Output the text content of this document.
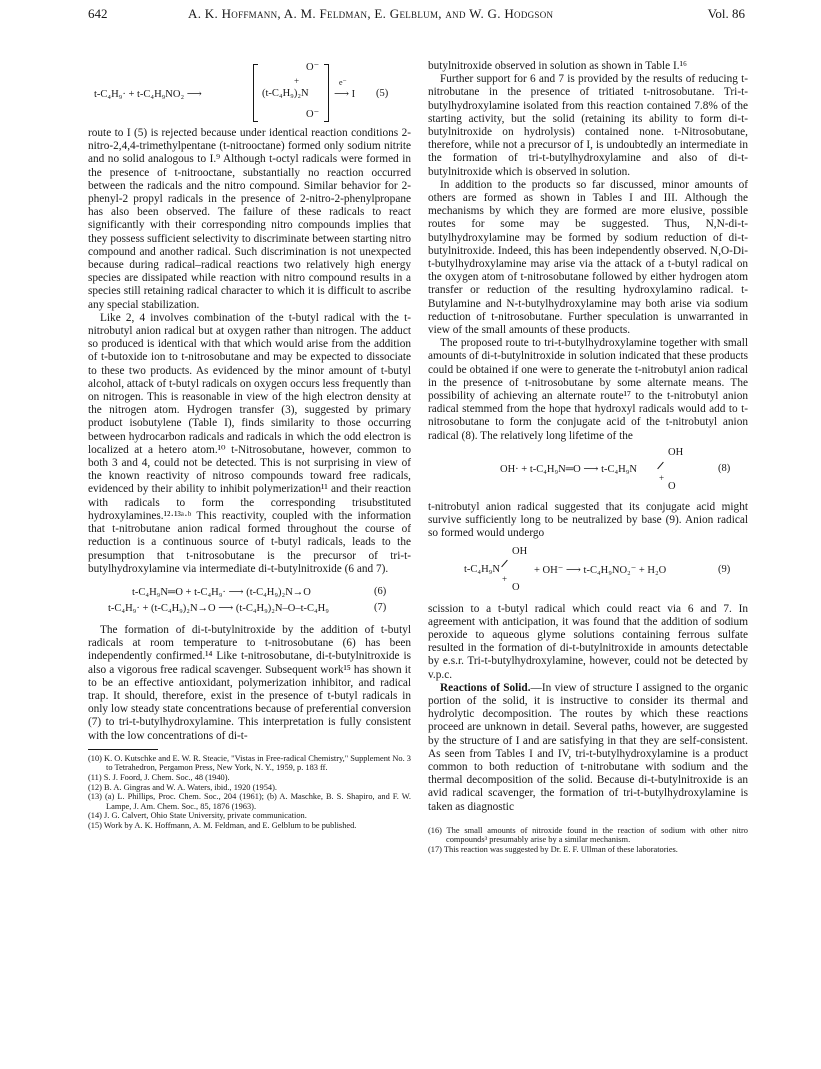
642	A. K. Hoffmann, A. M. Feldman, E. Gelblum, and W. G. Hodgson	Vol. 86
t-C₄H₉· + t-C₄H₉NO₂ ⟶
O⁻
+
(t-C₄H₉)₂N
O⁻
e⁻
⟶ I (5)

route to I (5) is rejected because under identical reaction conditions 2-nitro-2,4,4-trimethylpentane (t-nitrooctane) formed only sodium nitrite and no solid analogous to I.⁹ Although t-octyl radicals were formed in the presence of t-nitrooctane, substantially no reaction occurred between the radicals and the nitro compound. Similar behavior for 2-phenyl-2 propyl radicals in the presence of 2-nitro-2-phenylpropane has also been observed. The failure of these radicals to react significantly with their corresponding nitro compounds implies that they possess sufficient selectivity to discriminate between starting nitro compound and another radical. Such discrimination is not unexpected because during radical–radical reactions two relatively high energy species are dissipated while reaction with nitro compound results in a species still retaining radical character to which it is difficult to ascribe any special stabilization.

Like 2, 4 involves combination of the t-butyl radical with the t-nitrobutyl anion radical but at oxygen rather than nitrogen. The adduct so produced is identical with that which would arise from the addition of t-butoxide ion to t-nitrosobutane and may be expected to dissociate to these two products. As evidenced by the minor amount of t-butyl alcohol, attack of t-butyl radicals on oxygen occurs less frequently than on nitrogen. This is reasonable in view of the high electron density at the nitrogen atom. Hydrogen transfer (3), suggested by primary product isobutylene (Table I), finds similarity to those occurring between hydrocarbon radicals and radicals in which the odd electron is localized at a hetero atom.¹⁰ t-Nitrosobutane, however, common to both 3 and 4, could not be detected. This is not surprising in view of the known reactivity of nitroso compounds toward free radicals, evidenced by their ability to inhibit polymerization¹¹ and their reaction with radicals to form the corresponding trisubstituted hydroxylamines.¹²·¹³ᵃ·ᵇ This reactivity, coupled with the information that t-nitrobutane anion radical formed throughout the course of reduction is a continuous source of t-butyl radicals, leads to the presumption that t-nitrosobutane is the precursor of tri-t-butylhydroxylamine via intermediate di-t-butylnitroxide (6 and 7).

t-C₄H₉N═O + t-C₄H₉· ⟶ (t-C₄H₉)₂N→O	(6)
t-C₄H₉· + (t-C₄H₉)₂N→O ⟶ (t-C₄H₉)₂N–O–t-C₄H₉	(7)

The formation of di-t-butylnitroxide by the addition of t-butyl radicals at room temperature to t-nitrosobutane (6) has been independently confirmed.¹⁴ Like t-nitrosobutane, di-t-butylnitroxide is also a vigorous free radical scavenger. Subsequent work¹⁵ has shown it to be an effective antioxidant, polymerization inhibitor, and radical trap. It should, therefore, exist in the presence of t-butyl radicals in only low steady state concentrations because of preferential conversion (7) to tri-t-butylhydroxylamine. This interpretation is fully consistent with the low concentrations of di-t-

(10) K. O. Kutschke and E. W. R. Steacie, "Vistas in Free-radical Chemistry," Supplement No. 3 to Tetrahedron, Pergamon Press, New York, N. Y., 1959, p. 183 ff.

(11) S. J. Foord, J. Chem. Soc., 48 (1940).

(12) B. A. Gingras and W. A. Waters, ibid., 1920 (1954).

(13) (a) L. Phillips, Proc. Chem. Soc., 204 (1961); (b) A. Maschke, B. S. Shapiro, and F. W. Lampe, J. Am. Chem. Soc., 85, 1876 (1963).

(14) J. G. Calvert, Ohio State University, private communication.

(15) Work by A. K. Hoffmann, A. M. Feldman, and E. Gelblum to be published.

butylnitroxide observed in solution as shown in Table I.¹⁶

Further support for 6 and 7 is provided by the results of reducing t-nitrobutane in the presence of tritiated t-nitrosobutane. Tri-t-butylhydroxylamine isolated from this reaction contained 7.8% of the starting activity, but the solid (retaining its ability to form di-t-butylnitroxide on hydrolysis) contained none. t-Nitrosobutane, therefore, while not a precursor of I, is undoubtedly an intermediate in the formation of tri-t-butylhydroxylamine and also of di-t-butylnitroxide which is observed in solution.

In addition to the products so far discussed, minor amounts of others are formed as shown in Tables I and III. Although the mechanisms by which they are formed are more elusive, possible routes for some may be suggested. Thus, N,N-di-t-butylhydroxylamine may be formed by sodium reduction of di-t-butylnitroxide. Indeed, this has been independently observed. N,O-Di-t-butylhydroxylamine may arise via the attack of a t-butyl radical on the oxygen atom of t-nitrosobutane followed by either hydrogen atom transfer or reduction of the resulting hydroxylamino radical. t-Butylamine and N-t-butylhydroxylamine may both arise via sodium reduction of t-nitrosobutane. Further speculation is unwarranted in view of the small amounts of these products.

The proposed route to tri-t-butylhydroxylamine together with small amounts of di-t-butylnitroxide in solution indicated that these products could be obtained if one were to generate the t-nitrobutyl anion radical in the presence of t-nitrosobutane by some alternate means. The possibility of achieving an alternate route¹⁷ to the t-nitrobutyl anion radical stemmed from the hope that hydroxyl radicals would add to t-nitrosobutane to form the conjugate acid of the t-nitrobutyl anion radical (8). The relatively long lifetime of the

OH
OH· + t-C₄H₉N═O ⟶ t-C₄H₉N
+
O
(8)

t-nitrobutyl anion radical suggested that its conjugate acid might survive sufficiently long to be neutralized by base (9). Anion radical so formed would undergo

OH
t-C₄H₉N
+
O
+ OH⁻ ⟶ t-C₄H₉NO₂⁻ + H₂O	(9)

scission to a t-butyl radical which could react via 6 and 7. In agreement with anticipation, it was found that the addition of sodium peroxide to aqueous glyme solutions containing ferrous sulfate resulted in the formation of di-t-butylnitroxide in amounts detectable by e.s.r. Tri-t-butylhydroxylamine, however, could not be detected by v.p.c.

Reactions of Solid.—In view of structure I assigned to the organic portion of the solid, it is instructive to consider its thermal and hydrolytic decomposition. The routes by which these reactions proceed are unknown in detail. Several paths, however, are suggested by the structure of I and are satisfying in that they are self-consistent. As seen from Tables I and IV, tri-t-butylhydroxylamine is a product common to both reduction of t-nitrobutane with sodium and the thermal decomposition of the solid. Because di-t-butylnitroxide is an avid radical scavenger, the formation of tri-t-butylhydroxylamine is taken as diagnostic

(16) The small amounts of nitroxide found in the reaction of sodium with other nitro compounds³ presumably arise by a similar mechanism.

(17) This reaction was suggested by Dr. E. F. Ullman of these laboratories.
